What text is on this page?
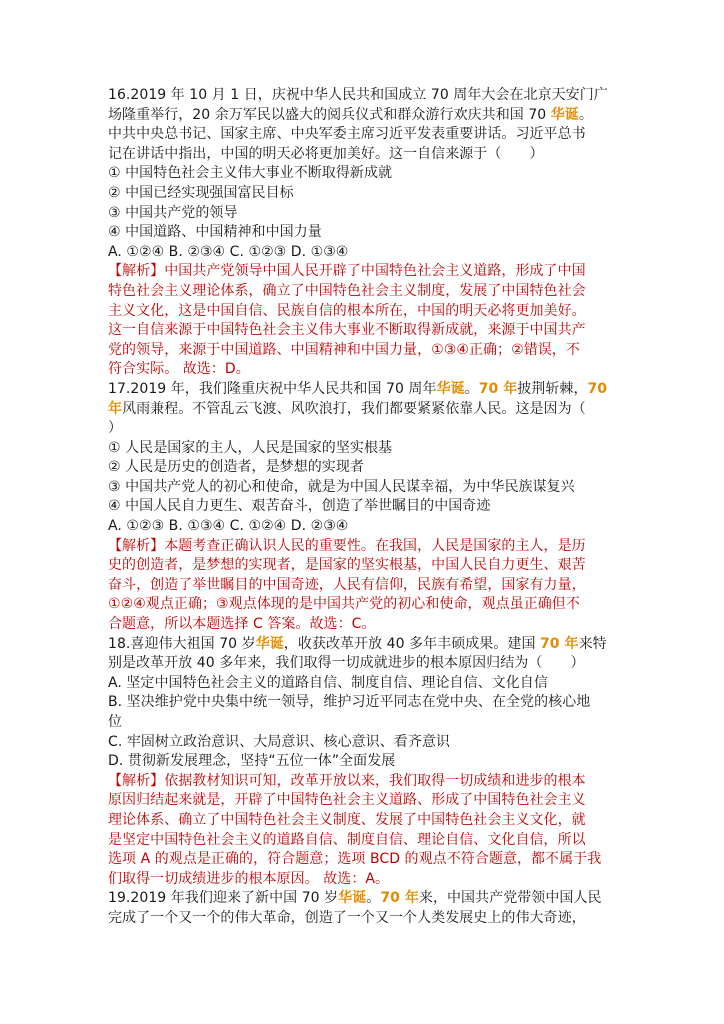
16.2019 年 10 月 1 日，庆祝中华人民共和国成立 70 周年大会在北京天安门广
场隆重举行，20 余万军民以盛大的阅兵仪式和群众游行欢庆共和国 70 华诞。
中共中央总书记、国家主席、中央军委主席习近平发表重要讲话。习近平总书
记在讲话中指出，中国的明天必将更加美好。这一自信来源于（　　）
① 中国特色社会主义伟大事业不断取得新成就
② 中国已经实现强国富民目标
③ 中国共产党的领导
④ 中国道路、中国精神和中国力量
A. ①②④ B. ②③④ C. ①②③ D. ①③④
【解析】中国共产党领导中国人民开辟了中国特色社会主义道路，形成了中国
特色社会主义理论体系，确立了中国特色社会主义制度，发展了中国特色社会
主义文化，这是中国自信、民族自信的根本所在，中国的明天必将更加美好。
这一自信来源于中国特色社会主义伟大事业不断取得新成就，来源于中国共产
党的领导，来源于中国道路、中国精神和中国力量，①③④正确；②错误，不
符合实际。 故选：D。
17.2019 年，我们隆重庆祝中华人民共和国 70 周年华诞。70 年披荆斩棘，70
年风雨兼程。不管乱云飞渡、风吹浪打，我们都要紧紧依靠人民。这是因为（
）
① 人民是国家的主人，人民是国家的坚实根基
② 人民是历史的创造者，是梦想的实现者
③ 中国共产党人的初心和使命，就是为中国人民谋幸福，为中华民族谋复兴
④ 中国人民自力更生、艰苦奋斗，创造了举世瞩目的中国奇迹
A. ①②③ B. ①③④ C. ①②④ D. ②③④
【解析】本题考查正确认识人民的重要性。在我国，人民是国家的主人，是历
史的创造者，是梦想的实现者，是国家的坚实根基，中国人民自力更生、艰苦
奋斗，创造了举世瞩目的中国奇迹，人民有信仰，民族有希望，国家有力量，
①②④观点正确；③观点体现的是中国共产党的初心和使命，观点虽正确但不
合题意，所以本题选择 C 答案。故选：C。
18.喜迎伟大祖国 70 岁华诞，收获改革开放 40 多年丰硕成果。建国 70 年来特
别是改革开放 40 多年来，我们取得一切成就进步的根本原因归结为（　　）
A. 坚定中国特色社会主义的道路自信、制度自信、理论自信、文化自信
B. 坚决维护党中央集中统一领导，维护习近平同志在党中央、在全党的核心地
位
C. 牢固树立政治意识、大局意识、核心意识、看齐意识
D. 贯彻新发展理念，坚持“五位一体”全面发展
【解析】依据教材知识可知，改革开放以来，我们取得一切成绩和进步的根本
原因归结起来就是，开辟了中国特色社会主义道路、形成了中国特色社会主义
理论体系、确立了中国特色社会主义制度、发展了中国特色社会主义文化，就
是坚定中国特色社会主义的道路自信、制度自信、理论自信、文化自信，所以
选项 A 的观点是正确的，符合题意；选项 BCD 的观点不符合题意，都不属于我
们取得一切成绩进步的根本原因。 故选：A。
19.2019 年我们迎来了新中国 70 岁华诞。70 年来，中国共产党带领中国人民
完成了一个又一个的伟大革命，创造了一个又一个人类发展史上的伟大奇迹，
